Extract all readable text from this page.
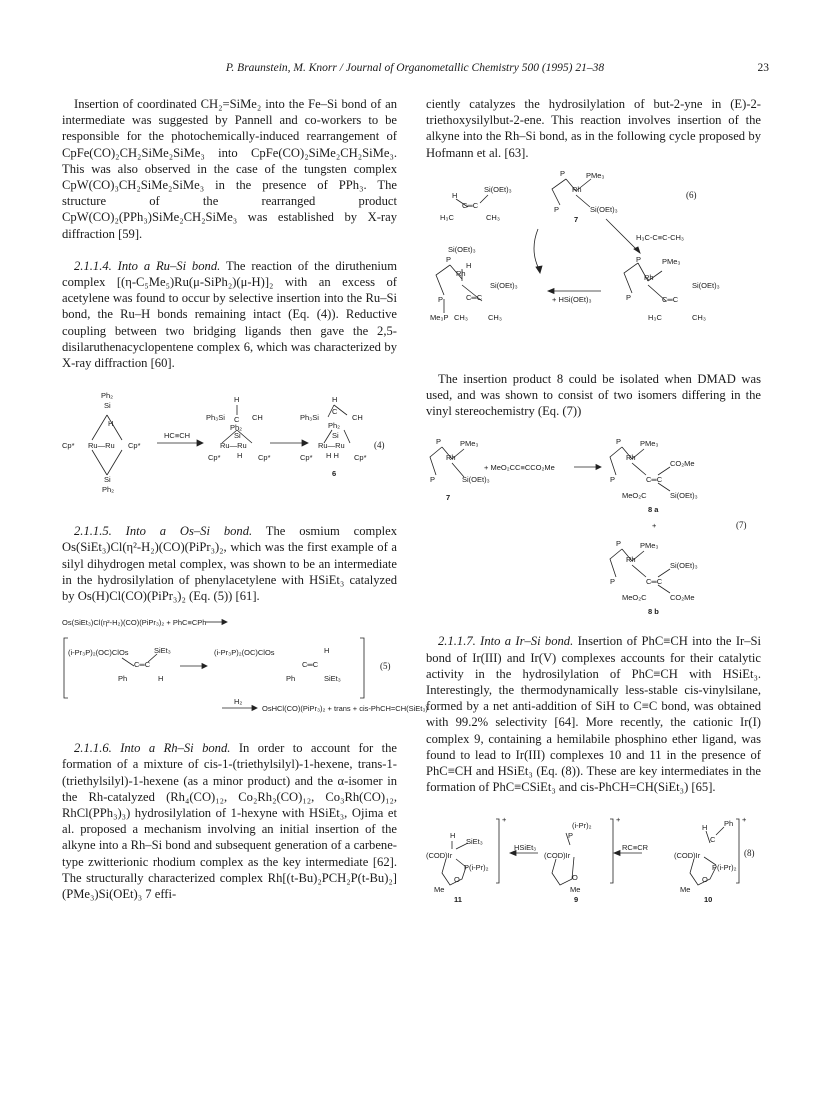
P. Braunstein, M. Knorr / Journal of Organometallic Chemistry 500 (1995) 21–38	23

Insertion of coordinated CH₂=SiMe₂ into the Fe–Si bond of an intermediate was suggested by Pannell and co-workers to be responsible for the photochemically-induced rearrangement of CpFe(CO)₂CH₂SiMe₂SiMe₃ into CpFe(CO)₂SiMe₂CH₂SiMe₃. This was also observed in the case of the tungsten complex CpW(CO)₃CH₂SiMe₂SiMe₃ in the presence of PPh₃. The structure of the rearranged product CpW(CO)₂(PPh₃)SiMe₂CH₂SiMe₃ was established by X-ray diffraction [59].

2.1.1.4. Into a Ru–Si bond. The reaction of the diruthenium complex [(η-C₅Me₅)Ru(μ-SiPh₂)(μ-H)]₂ with an excess of acetylene was found to occur by selective insertion into the Ru–Si bond, the Ru–H bonds remaining intact (Eq. (4)). Reductive coupling between two bridging ligands then gave the 2,5-disilaruthenacyclopentene complex 6, which was characterized by X-ray diffraction [60].

Ph₂
Si
H
Cp* Ru—Ru Cp*
Si
Ph₂
HC≡CH
H
C
Ph₃Si
Ph₂
CH
Si
Ru—Ru
Cp* H Cp*
H
C
Ph₃Si
Ph₂
CH
Si
Ru—Ru
Cp* H H Cp*
(4)
6

2.1.1.5. Into a Os–Si bond. The osmium complex Os(SiEt₃)Cl(η²-H₂)(CO)(PiPr₃)₂, which was the first example of a silyl dihydrogen metal complex, was shown to be an intermediate in the hydrosilylation of phenylacetylene with HSiEt₃ catalyzed by Os(H)Cl(CO)(PiPr₃)₂ (Eq. (5)) [61].

Os(SiEt₃)Cl(η²-H₂)(CO)(PiPr₃)₂ + PhC≡CPh
(i-Pr₃P)₂(OC)ClOs	SiEt₃
C═C
Ph	H
(i-Pr₃P)₂(OC)ClOs	H
C═C
Ph	SiEt₃
(5)
H₂
OsHCl(CO)(PiPr₃)₂ + trans + cis-PhCH=CH(SiEt₃)

2.1.1.6. Into a Rh–Si bond. In order to account for the formation of a mixture of cis-1-(triethylsilyl)-1-hexene, trans-1-(triethylsilyl)-1-hexene (as a minor product) and the α-isomer in the Rh-catalyzed (Rh₄(CO)₁₂, Co₂Rh₂(CO)₁₂, Co₃Rh(CO)₁₂, RhCl(PPh₃)₃) hydrosilylation of 1-hexyne with HSiEt₃, Ojima et al. proposed a mechanism involving an initial insertion of the alkyne into a Rh–Si bond and subsequent generation of a carbene-type zwitterionic rhodium complex as the key intermediate [62]. The structurally characterized complex Rh[(t-Bu)₂PCH₂P(t-Bu)₂](PMe₃)Si(OEt)₃ 7 effi-

ciently catalyzes the hydrosilylation of but-2-yne in (E)-2-triethoxysilylbut-2-ene. This reaction involves insertion of the alkyne into the Rh–Si bond, as in the following cycle proposed by Hofmann et al. [63].

P	PMe₃
Rh
P	Si(OEt)₃
7
(6)
H
Si(OEt)₃
C═C
H₃C	CH₃
H₃C-C≡C-CH₃
Si(OEt)₃
H
P
Rh
P
Si(OEt)₃
C═C
Me₃P CH₃	CH₃
+ HSi(OEt)₃
P	PMe₃
Rh
P
Si(OEt)₃
C═C
H₃C	CH₃

The insertion product 8 could be isolated when DMAD was used, and was shown to consist of two isomers differing in the vinyl stereochemistry (Eq. (7))

P	PMe₃
Rh
P	Si(OEt)₃
7
+ MeO₂CC≡CCO₂Me
P	PMe₃
Rh
P
CO₂Me
C═C
MeO₂C	Si(OEt)₃
8 a
+	(7)
P	PMe₃
Rh
P
Si(OEt)₃
C═C
MeO₂C	CO₂Me
8 b

2.1.1.7. Into a Ir–Si bond. Insertion of PhC≡CH into the Ir–Si bond of Ir(III) and Ir(V) complexes accounts for their catalytic activity in the hydrosilylation of PhC≡CH with HSiEt₃. Interestingly, the thermodynamically less-stable cis-vinylsilane, formed by a net anti-addition of SiH to C≡C bond, was obtained with 99.2% selectivity [64]. More recently, the cationic Ir(I) complex 9, containing a hemilabile phosphino ether ligand, was found to lead to Ir(III) complexes 10 and 11 in the presence of PhC≡CH and HSiEt₃ (Eq. (8)). These are key intermediates in the formation of PhC≡CSiEt₃ and cis-PhCH=CH(SiEt₃) [65].

H
SiEt₃
(COD)Ir
P(i-Pr)₂
O
Me
+
11
HSiEt₃
(i-Pr)₂
P
(COD)Ir
O
Me
+
9
RC≡CR
H Ph
C
(COD)Ir
P(i-Pr)₂
O
Me
+
10
(8)
